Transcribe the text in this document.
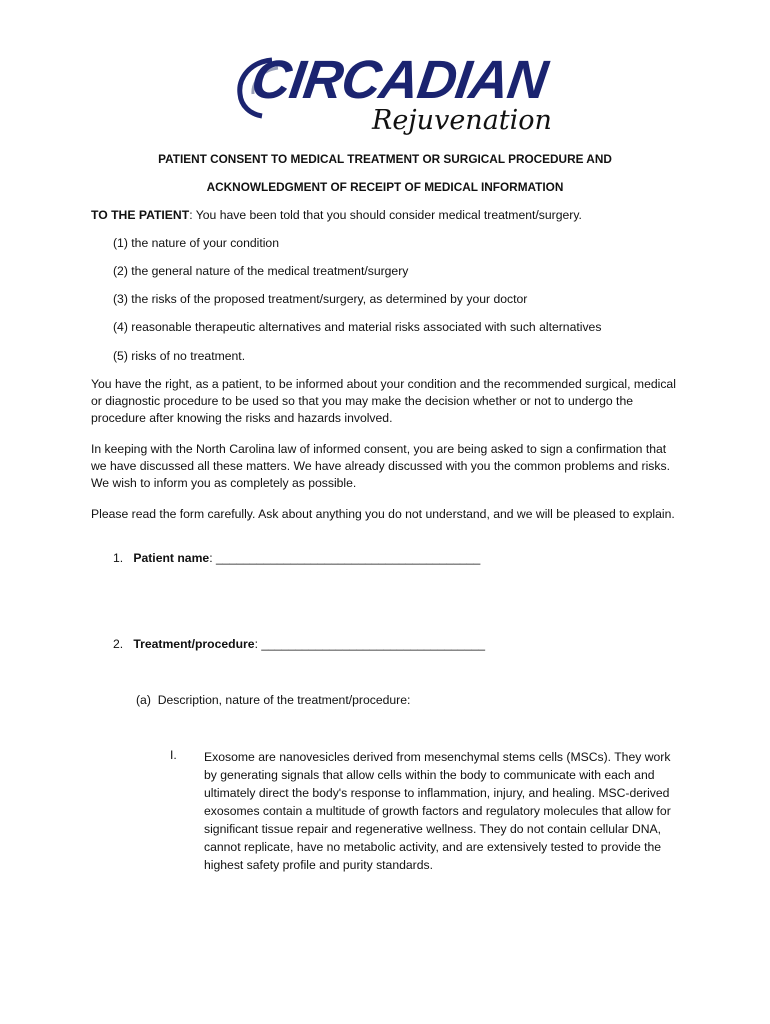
CIRCADIAN
Rejuvenation
PATIENT CONSENT TO MEDICAL TREATMENT OR SURGICAL PROCEDURE AND
ACKNOWLEDGMENT OF RECEIPT OF MEDICAL INFORMATION
TO THE PATIENT: You have been told that you should consider medical treatment/surgery.
(1) the nature of your condition
(2) the general nature of the medical treatment/surgery
(3) the risks of the proposed treatment/surgery, as determined by your doctor
(4) reasonable therapeutic alternatives and material risks associated with such alternatives
(5) risks of no treatment.
You have the right, as a patient, to be informed about your condition and the recommended surgical, medical or diagnostic procedure to be used so that you may make the decision whether or not to undergo the procedure after knowing the risks and hazards involved.
In keeping with the North Carolina law of informed consent, you are being asked to sign a confirmation that we have discussed all these matters. We have already discussed with you the common problems and risks. We wish to inform you as completely as possible.
Please read the form carefully. Ask about anything you do not understand, and we will be pleased to explain.
1. Patient name: _______________________________________
2. Treatment/procedure: _________________________________
(a) Description, nature of the treatment/procedure:
I. Exosome are nanovesicles derived from mesenchymal stems cells (MSCs). They work by generating signals that allow cells within the body to communicate with each and ultimately direct the body's response to inflammation, injury, and healing. MSC-derived exosomes contain a multitude of growth factors and regulatory molecules that allow for significant tissue repair and regenerative wellness. They do not contain cellular DNA, cannot replicate, have no metabolic activity, and are extensively tested to provide the highest safety profile and purity standards.
